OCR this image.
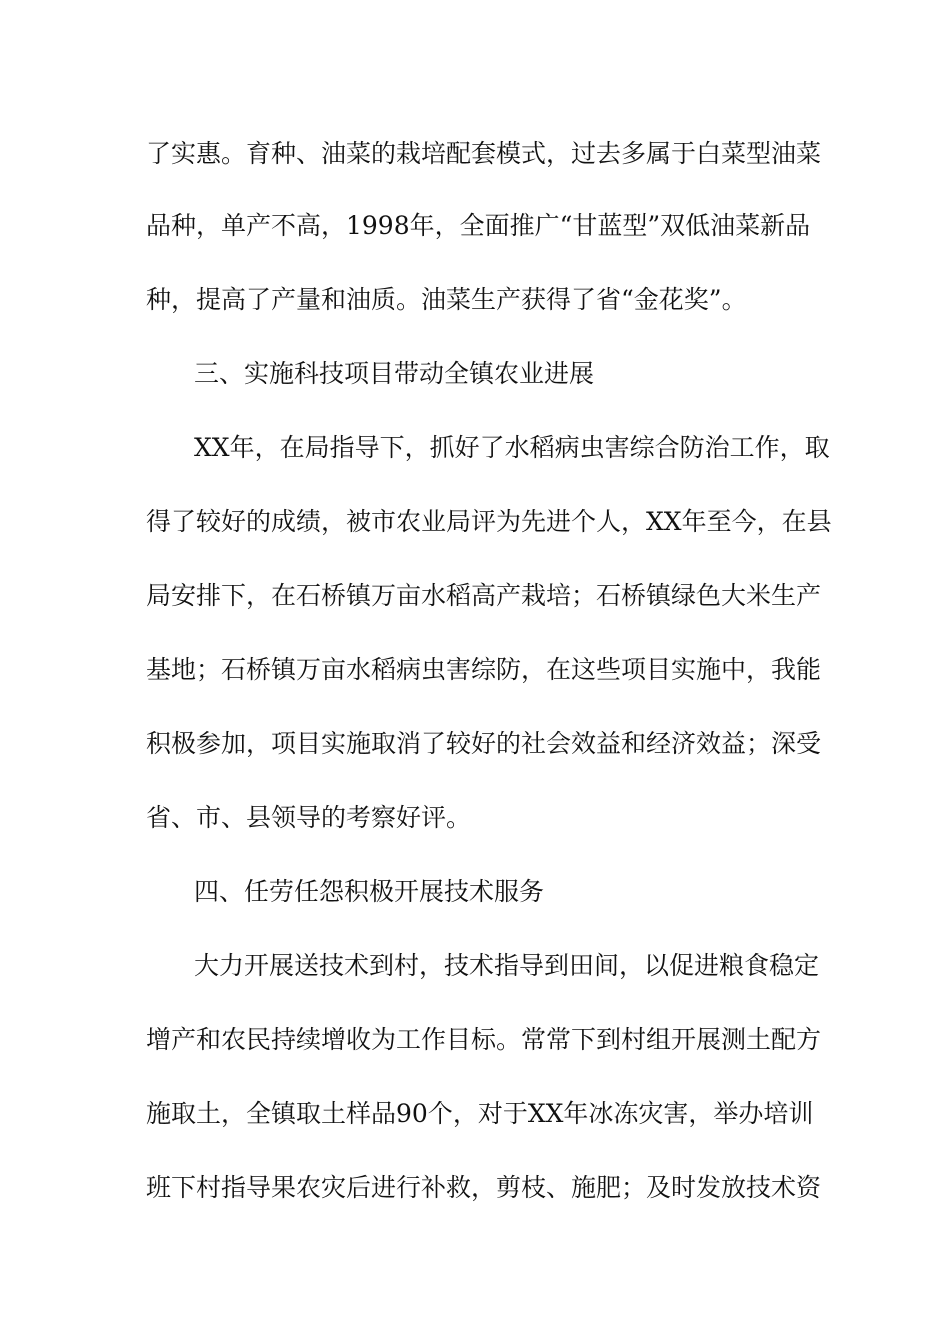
了实惠。育种、油菜的栽培配套模式，过去多属于白菜型油菜
品种，单产不高，1998年，全面推广“甘蓝型”双低油菜新品
种，提高了产量和油质。油菜生产获得了省“金花奖”。
三、实施科技项目带动全镇农业进展
XX年，在局指导下，抓好了水稻病虫害综合防治工作，取
得了较好的成绩，被市农业局评为先进个人，XX年至今，在县
局安排下，在石桥镇万亩水稻高产栽培；石桥镇绿色大米生产
基地；石桥镇万亩水稻病虫害综防，在这些项目实施中，我能
积极参加，项目实施取消了较好的社会效益和经济效益；深受
省、市、县领导的考察好评。
四、任劳任怨积极开展技术服务
大力开展送技术到村，技术指导到田间，以促进粮食稳定
增产和农民持续增收为工作目标。常常下到村组开展测土配方
施取土，全镇取土样品90个，对于XX年冰冻灾害，举办培训
班下村指导果农灾后进行补救，剪枝、施肥；及时发放技术资
